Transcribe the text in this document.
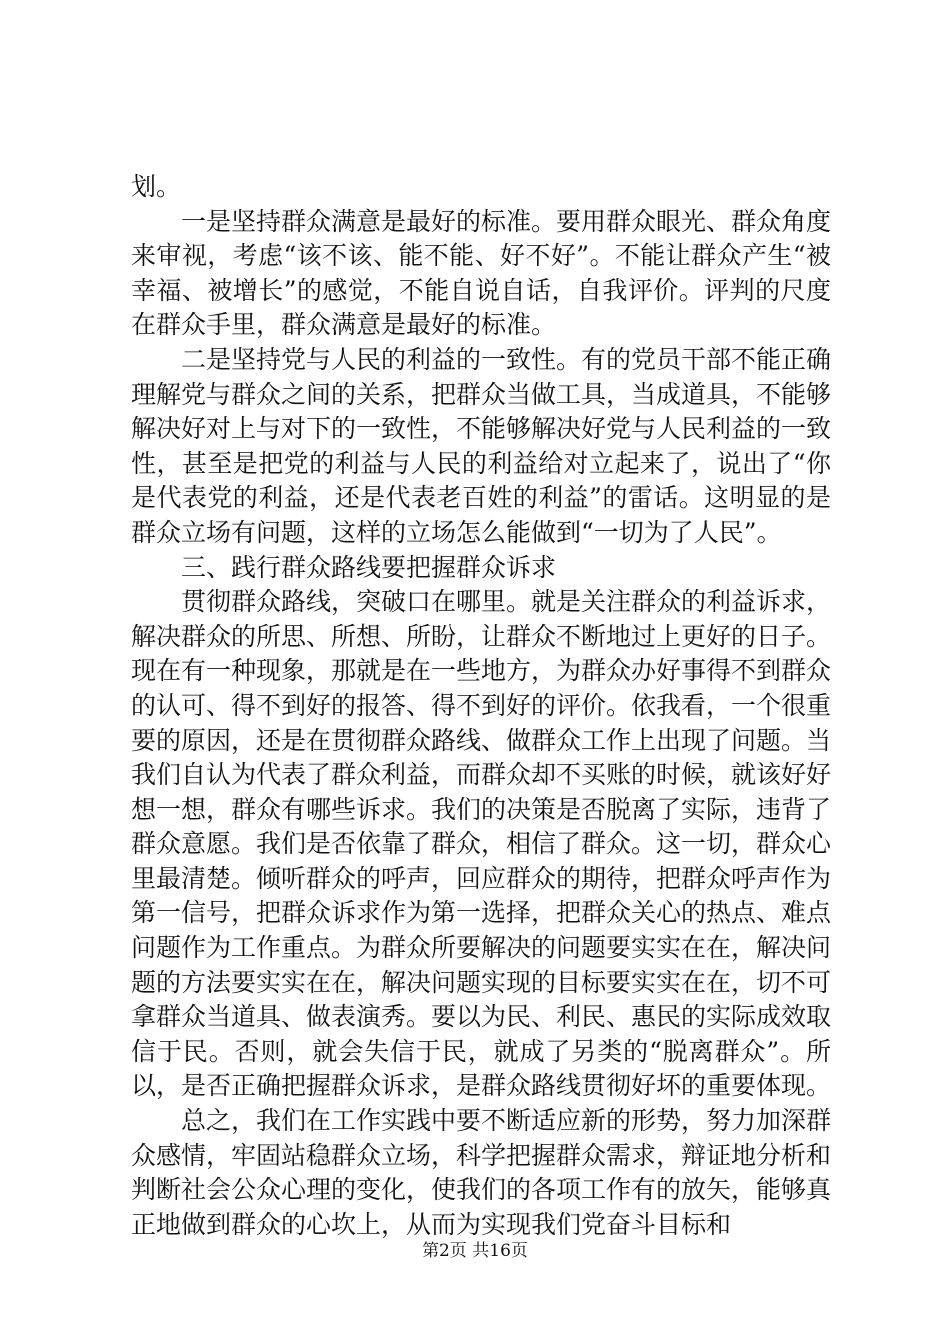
划。

一是坚持群众满意是最好的标准。要用群众眼光、群众角度来审视，考虑“该不该、能不能、好不好”。不能让群众产生“被幸福、被增长”的感觉，不能自说自话，自我评价。评判的尺度在群众手里，群众满意是最好的标准。

二是坚持党与人民的利益的一致性。有的党员干部不能正确理解党与群众之间的关系，把群众当做工具，当成道具，不能够解决好对上与对下的一致性，不能够解决好党与人民利益的一致性，甚至是把党的利益与人民的利益给对立起来了，说出了“你是代表党的利益，还是代表老百姓的利益”的雷话。这明显的是群众立场有问题，这样的立场怎么能做到“一切为了人民”。

三、践行群众路线要把握群众诉求

贯彻群众路线，突破口在哪里。就是关注群众的利益诉求，解决群众的所思、所想、所盼，让群众不断地过上更好的日子。现在有一种现象，那就是在一些地方，为群众办好事得不到群众的认可、得不到好的报答、得不到好的评价。依我看，一个很重要的原因，还是在贯彻群众路线、做群众工作上出现了问题。当我们自认为代表了群众利益，而群众却不买账的时候，就该好好想一想，群众有哪些诉求。我们的决策是否脱离了实际，违背了群众意愿。我们是否依靠了群众，相信了群众。这一切，群众心里最清楚。倾听群众的呼声，回应群众的期待，把群众呼声作为第一信号，把群众诉求作为第一选择，把群众关心的热点、难点问题作为工作重点。为群众所要解决的问题要实实在在，解决问题的方法要实实在在，解决问题实现的目标要实实在在，切不可拿群众当道具、做表演秀。要以为民、利民、惠民的实际成效取信于民。否则，就会失信于民，就成了另类的“脱离群众”。所以，是否正确把握群众诉求，是群众路线贯彻好坏的重要体现。

总之，我们在工作实践中要不断适应新的形势，努力加深群众感情，牢固站稳群众立场，科学把握群众需求，辩证地分析和判断社会公众心理的变化，使我们的各项工作有的放矢，能够真正地做到群众的心坎上，从而为实现我们党奋斗目标和

第2页 共16页
